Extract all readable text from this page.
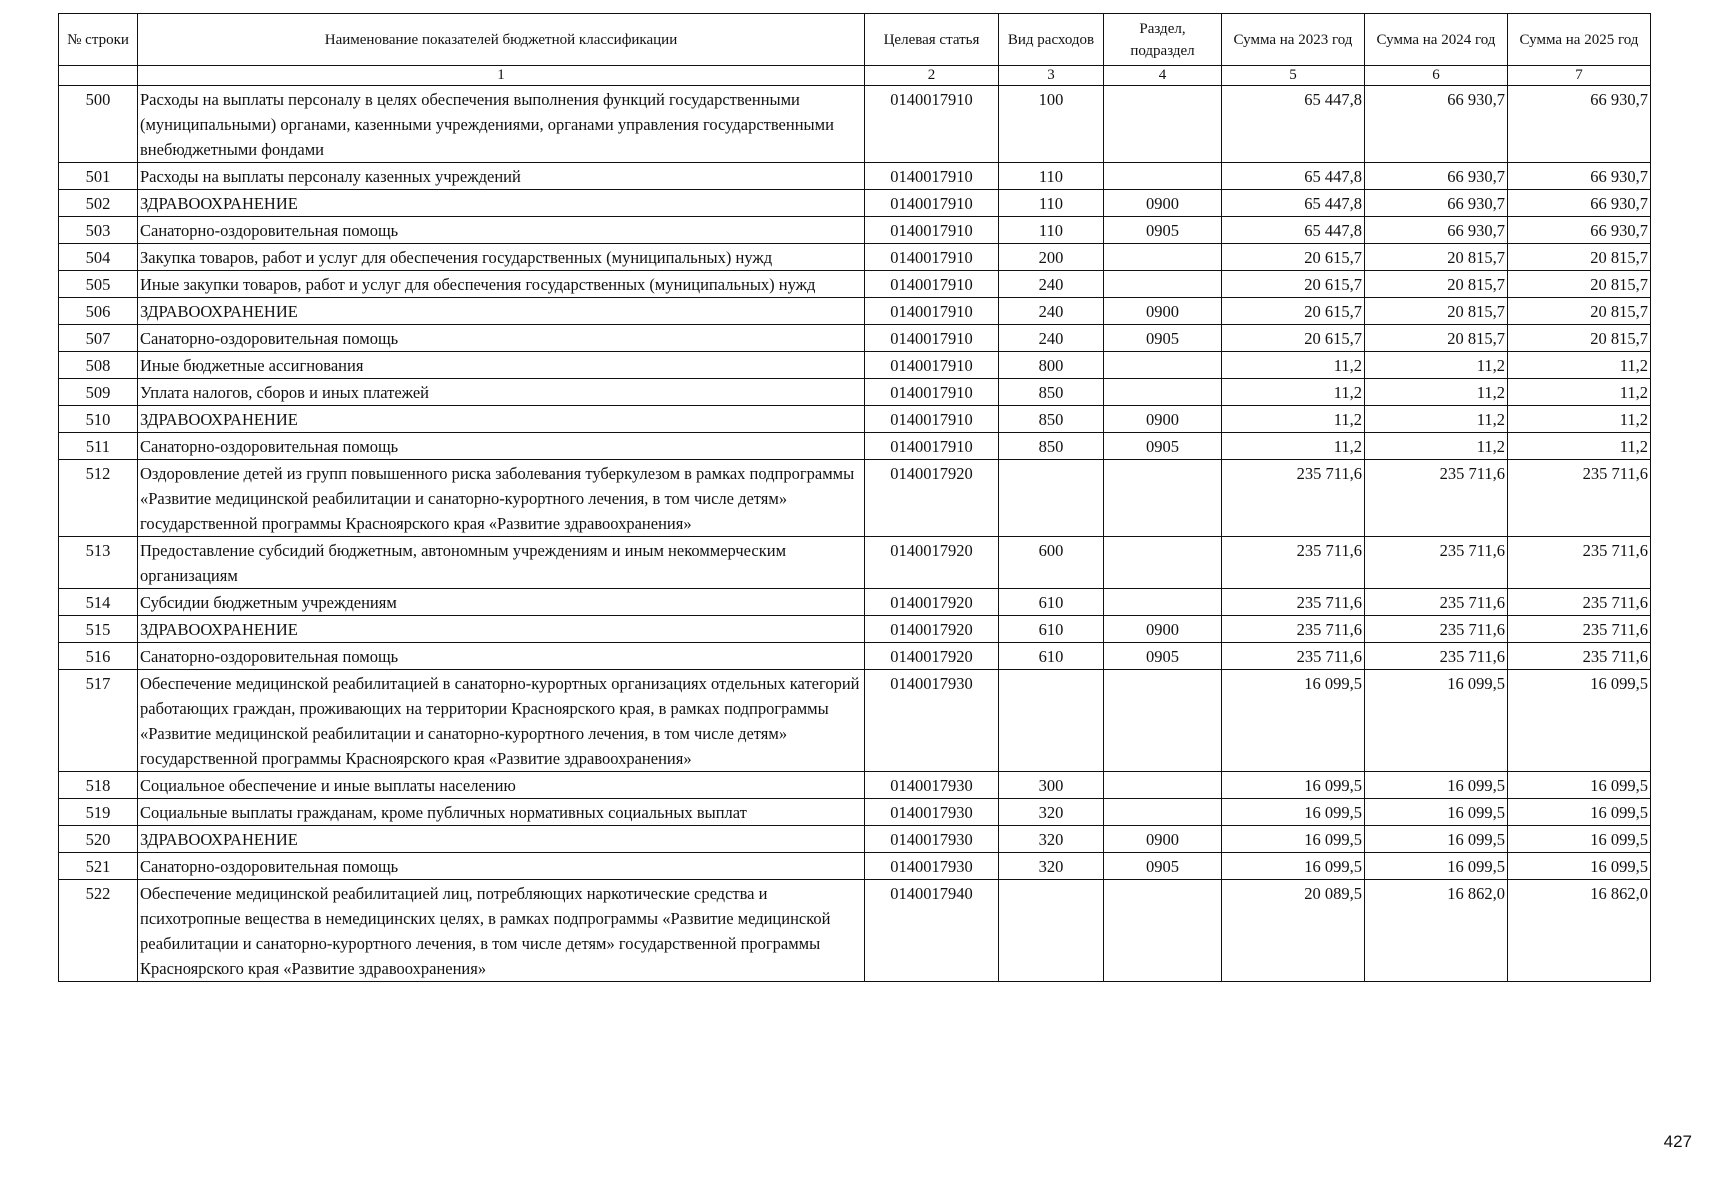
№ строки	Наименование показателей бюджетной классификации	Целевая статья	Вид расходов	Раздел, подраздел	Сумма на 2023 год	Сумма на 2024 год	Сумма на 2025 год
	1	2	3	4	5	6	7
500	Расходы на выплаты персоналу в целях обеспечения выполнения функций государственными (муниципальными) органами, казенными учреждениями, органами управления государственными внебюджетными фондами	0140017910	100		65 447,8	66 930,7	66 930,7
501	Расходы на выплаты персоналу казенных учреждений	0140017910	110		65 447,8	66 930,7	66 930,7
502	ЗДРАВООХРАНЕНИЕ	0140017910	110	0900	65 447,8	66 930,7	66 930,7
503	Санаторно-оздоровительная помощь	0140017910	110	0905	65 447,8	66 930,7	66 930,7
504	Закупка товаров, работ и услуг для обеспечения государственных (муниципальных) нужд	0140017910	200		20 615,7	20 815,7	20 815,7
505	Иные закупки товаров, работ и услуг для обеспечения государственных (муниципальных) нужд	0140017910	240		20 615,7	20 815,7	20 815,7
506	ЗДРАВООХРАНЕНИЕ	0140017910	240	0900	20 615,7	20 815,7	20 815,7
507	Санаторно-оздоровительная помощь	0140017910	240	0905	20 615,7	20 815,7	20 815,7
508	Иные бюджетные ассигнования	0140017910	800		11,2	11,2	11,2
509	Уплата налогов, сборов и иных платежей	0140017910	850		11,2	11,2	11,2
510	ЗДРАВООХРАНЕНИЕ	0140017910	850	0900	11,2	11,2	11,2
511	Санаторно-оздоровительная помощь	0140017910	850	0905	11,2	11,2	11,2
512	Оздоровление детей из групп повышенного риска заболевания туберкулезом в рамках подпрограммы «Развитие медицинской реабилитации и санаторно-курортного лечения, в том числе детям» государственной программы Красноярского края «Развитие здравоохранения»	0140017920			235 711,6	235 711,6	235 711,6
513	Предоставление субсидий бюджетным, автономным учреждениям и иным некоммерческим организациям	0140017920	600		235 711,6	235 711,6	235 711,6
514	Субсидии бюджетным учреждениям	0140017920	610		235 711,6	235 711,6	235 711,6
515	ЗДРАВООХРАНЕНИЕ	0140017920	610	0900	235 711,6	235 711,6	235 711,6
516	Санаторно-оздоровительная помощь	0140017920	610	0905	235 711,6	235 711,6	235 711,6
517	Обеспечение медицинской реабилитацией в санаторно-курортных организациях отдельных категорий работающих граждан, проживающих на территории Красноярского края, в рамках подпрограммы «Развитие медицинской реабилитации и санаторно-курортного лечения, в том числе детям» государственной программы Красноярского края «Развитие здравоохранения»	0140017930			16 099,5	16 099,5	16 099,5
518	Социальное обеспечение и иные выплаты населению	0140017930	300		16 099,5	16 099,5	16 099,5
519	Социальные выплаты гражданам, кроме публичных нормативных социальных выплат	0140017930	320		16 099,5	16 099,5	16 099,5
520	ЗДРАВООХРАНЕНИЕ	0140017930	320	0900	16 099,5	16 099,5	16 099,5
521	Санаторно-оздоровительная помощь	0140017930	320	0905	16 099,5	16 099,5	16 099,5
522	Обеспечение медицинской реабилитацией лиц, потребляющих наркотические средства и психотропные вещества в немедицинских целях, в рамках подпрограммы «Развитие медицинской реабилитации и санаторно-курортного лечения, в том числе детям» государственной программы Красноярского края «Развитие здравоохранения»	0140017940			20 089,5	16 862,0	16 862,0
427
